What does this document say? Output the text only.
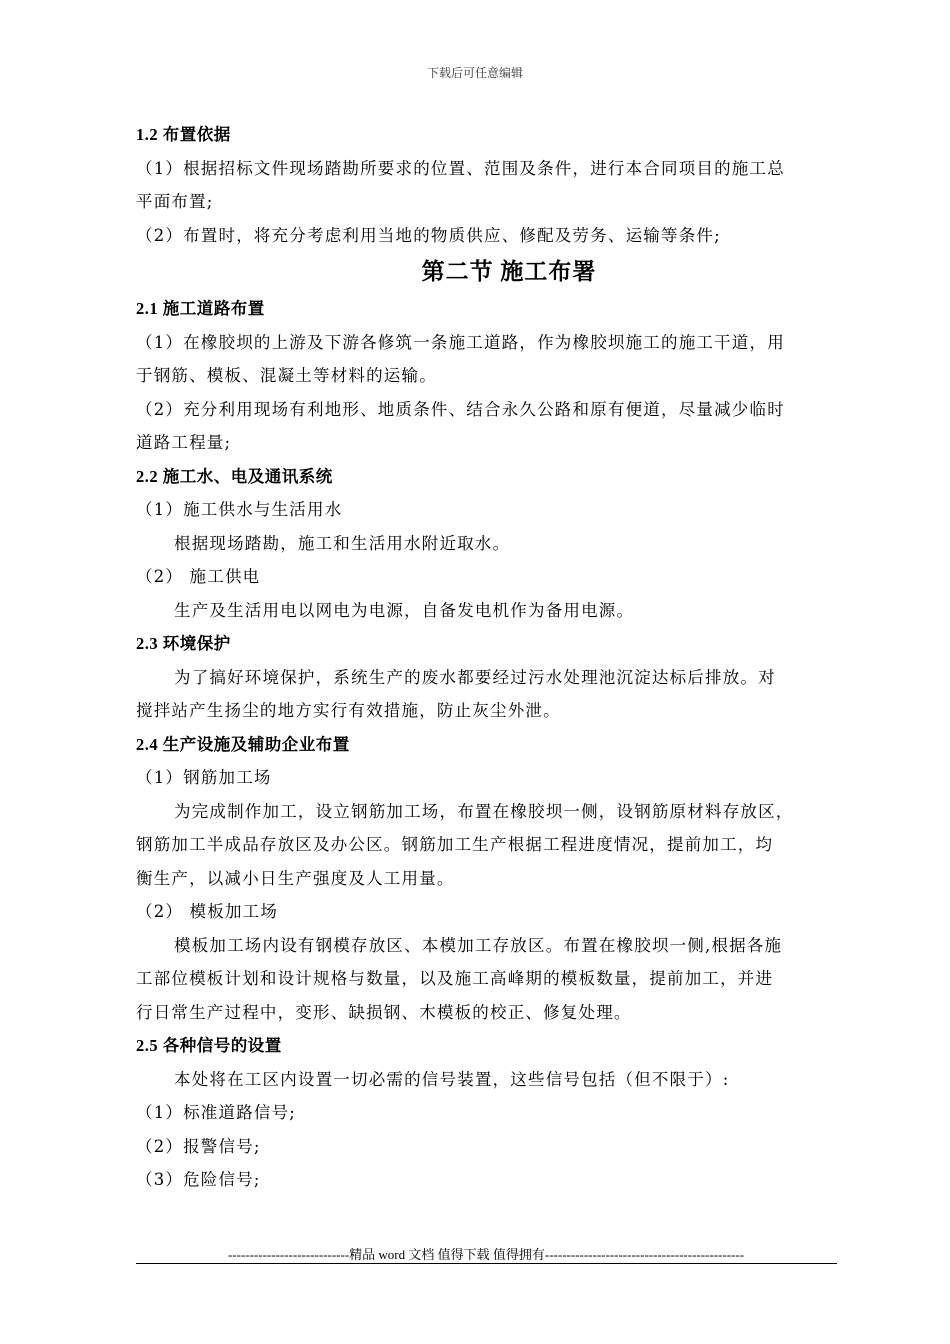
下载后可任意编辑
1.2 布置依据
（1）根据招标文件现场踏勘所要求的位置、范围及条件，进行本合同项目的施工总
平面布置;
（2）布置时，将充分考虑利用当地的物质供应、修配及劳务、运输等条件;
第二节 施工布署
2.1 施工道路布置
（1）在橡胶坝的上游及下游各修筑一条施工道路，作为橡胶坝施工的施工干道，用
于钢筋、模板、混凝土等材料的运输。
（2）充分利用现场有利地形、地质条件、结合永久公路和原有便道，尽量减少临时
道路工程量;
2.2 施工水、电及通讯系统
（1）施工供水与生活用水
根据现场踏勘，施工和生活用水附近取水。
（2） 施工供电
生产及生活用电以网电为电源，自备发电机作为备用电源。
2.3 环境保护
为了搞好环境保护，系统生产的废水都要经过污水处理池沉淀达标后排放。对
搅拌站产生扬尘的地方实行有效措施，防止灰尘外泄。
2.4 生产设施及辅助企业布置
（1）钢筋加工场
为完成制作加工，设立钢筋加工场，布置在橡胶坝一侧，设钢筋原材料存放区，
钢筋加工半成品存放区及办公区。钢筋加工生产根据工程进度情况，提前加工，均
衡生产，以减小日生产强度及人工用量。
（2） 模板加工场
模板加工场内设有钢模存放区、本模加工存放区。布置在橡胶坝一侧,根据各施
工部位模板计划和设计规格与数量，以及施工高峰期的模板数量，提前加工，并进
行日常生产过程中，变形、缺损钢、木模板的校正、修复处理。
2.5 各种信号的设置
本处将在工区内设置一切必需的信号装置，这些信号包括（但不限于）:
（1）标准道路信号;
（2）报警信号;
（3）危险信号;
----------------------------精品 word 文档 值得下载 值得拥有----------------------------------------------
